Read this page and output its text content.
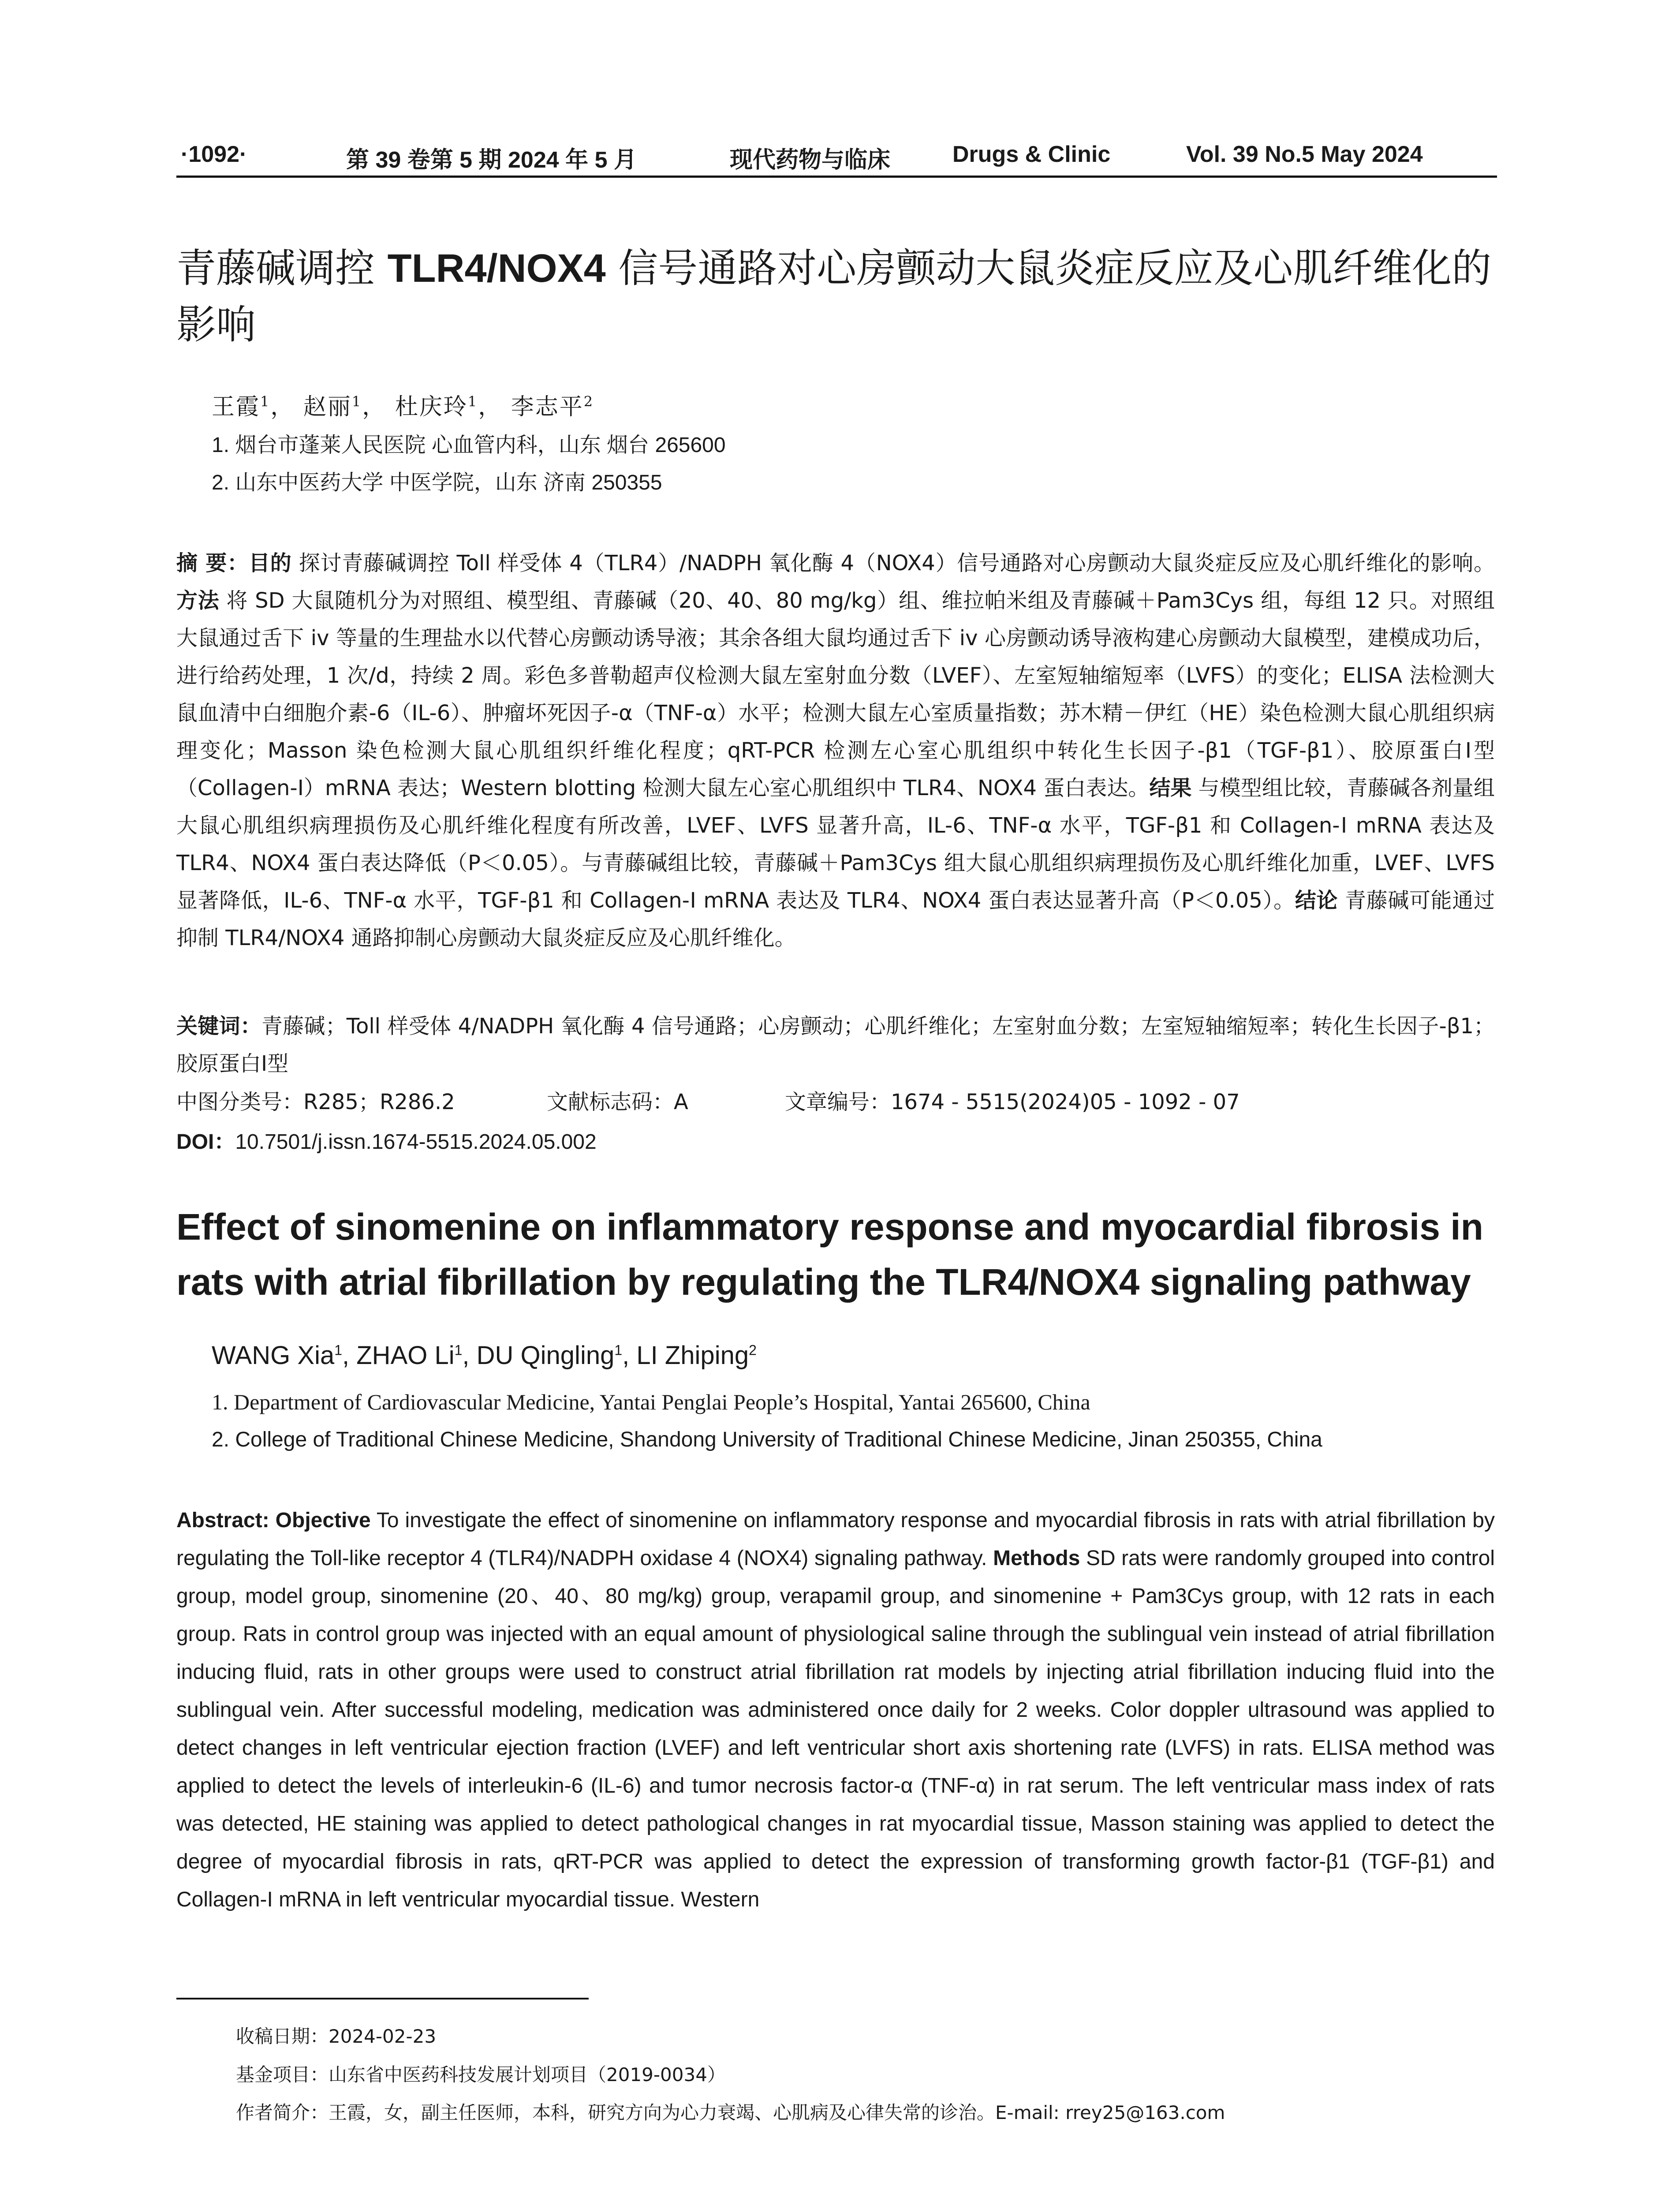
·1092·	第 39 卷第 5 期 2024 年 5 月	现代药物与临床	Drugs & Clinic	Vol. 39 No.5 May 2024
青藤碱调控 TLR4/NOX4 信号通路对心房颤动大鼠炎症反应及心肌纤维化的影响
王霞$^1$， 赵丽$^1$， 杜庆玲$^1$， 李志平$^2$
1. 烟台市蓬莱人民医院 心血管内科，山东 烟台 265600
2. 山东中医药大学 中医学院，山东 济南 250355
摘 要：目的 探讨青藤碱调控 Toll 样受体 4（TLR4）/NADPH 氧化酶 4（NOX4）信号通路对心房颤动大鼠炎症反应及心肌纤维化的影响。方法 将 SD 大鼠随机分为对照组、模型组、青藤碱（20、40、80 mg/kg）组、维拉帕米组及青藤碱＋Pam3Cys 组，每组 12 只。对照组大鼠通过舌下 iv 等量的生理盐水以代替心房颤动诱导液；其余各组大鼠均通过舌下 iv 心房颤动诱导液构建心房颤动大鼠模型，建模成功后，进行给药处理，1 次/d，持续 2 周。彩色多普勒超声仪检测大鼠左室射血分数（LVEF）、左室短轴缩短率（LVFS）的变化；ELISA 法检测大鼠血清中白细胞介素-6（IL-6）、肿瘤坏死因子-α（TNF-α）水平；检测大鼠左心室质量指数；苏木精－伊红（HE）染色检测大鼠心肌组织病理变化；Masson 染色检测大鼠心肌组织纤维化程度；qRT-PCR 检测左心室心肌组织中转化生长因子-β1（TGF-β1）、胶原蛋白Ⅰ型（Collagen-Ⅰ）mRNA 表达；Western blotting 检测大鼠左心室心肌组织中 TLR4、NOX4 蛋白表达。结果 与模型组比较，青藤碱各剂量组大鼠心肌组织病理损伤及心肌纤维化程度有所改善，LVEF、LVFS 显著升高，IL-6、TNF-α 水平，TGF-β1 和 Collagen-Ⅰ mRNA 表达及 TLR4、NOX4 蛋白表达降低（P＜0.05）。与青藤碱组比较，青藤碱＋Pam3Cys 组大鼠心肌组织病理损伤及心肌纤维化加重，LVEF、LVFS 显著降低，IL-6、TNF-α 水平，TGF-β1 和 Collagen-Ⅰ mRNA 表达及 TLR4、NOX4 蛋白表达显著升高（P＜0.05）。结论 青藤碱可能通过抑制 TLR4/NOX4 通路抑制心房颤动大鼠炎症反应及心肌纤维化。
关键词：青藤碱；Toll 样受体 4/NADPH 氧化酶 4 信号通路；心房颤动；心肌纤维化；左室射血分数；左室短轴缩短率；转化生长因子-β1；胶原蛋白Ⅰ型
中图分类号：R285；R286.2	文献标志码：A	文章编号：1674 - 5515(2024)05 - 1092 - 07
DOI：10.7501/j.issn.1674-5515.2024.05.002
Effect of sinomenine on inflammatory response and myocardial fibrosis in rats with atrial fibrillation by regulating the TLR4/NOX4 signaling pathway
WANG Xia$^1$, ZHAO Li$^1$, DU Qingling$^1$, LI Zhiping$^2$
1. Department of Cardiovascular Medicine, Yantai Penglai People’s Hospital, Yantai 265600, China
2. College of Traditional Chinese Medicine, Shandong University of Traditional Chinese Medicine, Jinan 250355, China
Abstract: Objective To investigate the effect of sinomenine on inflammatory response and myocardial fibrosis in rats with atrial fibrillation by regulating the Toll-like receptor 4 (TLR4)/NADPH oxidase 4 (NOX4) signaling pathway. Methods SD rats were randomly grouped into control group, model group, sinomenine (20、40、80 mg/kg) group, verapamil group, and sinomenine + Pam3Cys group, with 12 rats in each group. Rats in control group was injected with an equal amount of physiological saline through the sublingual vein instead of atrial fibrillation inducing fluid, rats in other groups were used to construct atrial fibrillation rat models by injecting atrial fibrillation inducing fluid into the sublingual vein. After successful modeling, medication was administered once daily for 2 weeks. Color doppler ultrasound was applied to detect changes in left ventricular ejection fraction (LVEF) and left ventricular short axis shortening rate (LVFS) in rats. ELISA method was applied to detect the levels of interleukin-6 (IL-6) and tumor necrosis factor-α (TNF-α) in rat serum. The left ventricular mass index of rats was detected, HE staining was applied to detect pathological changes in rat myocardial tissue, Masson staining was applied to detect the degree of myocardial fibrosis in rats, qRT-PCR was applied to detect the expression of transforming growth factor-β1 (TGF-β1) and Collagen-I mRNA in left ventricular myocardial tissue. Western
收稿日期：2024-02-23
基金项目：山东省中医药科技发展计划项目（2019-0034）
作者简介：王霞，女，副主任医师，本科，研究方向为心力衰竭、心肌病及心律失常的诊治。E-mail: rrey25@163.com
